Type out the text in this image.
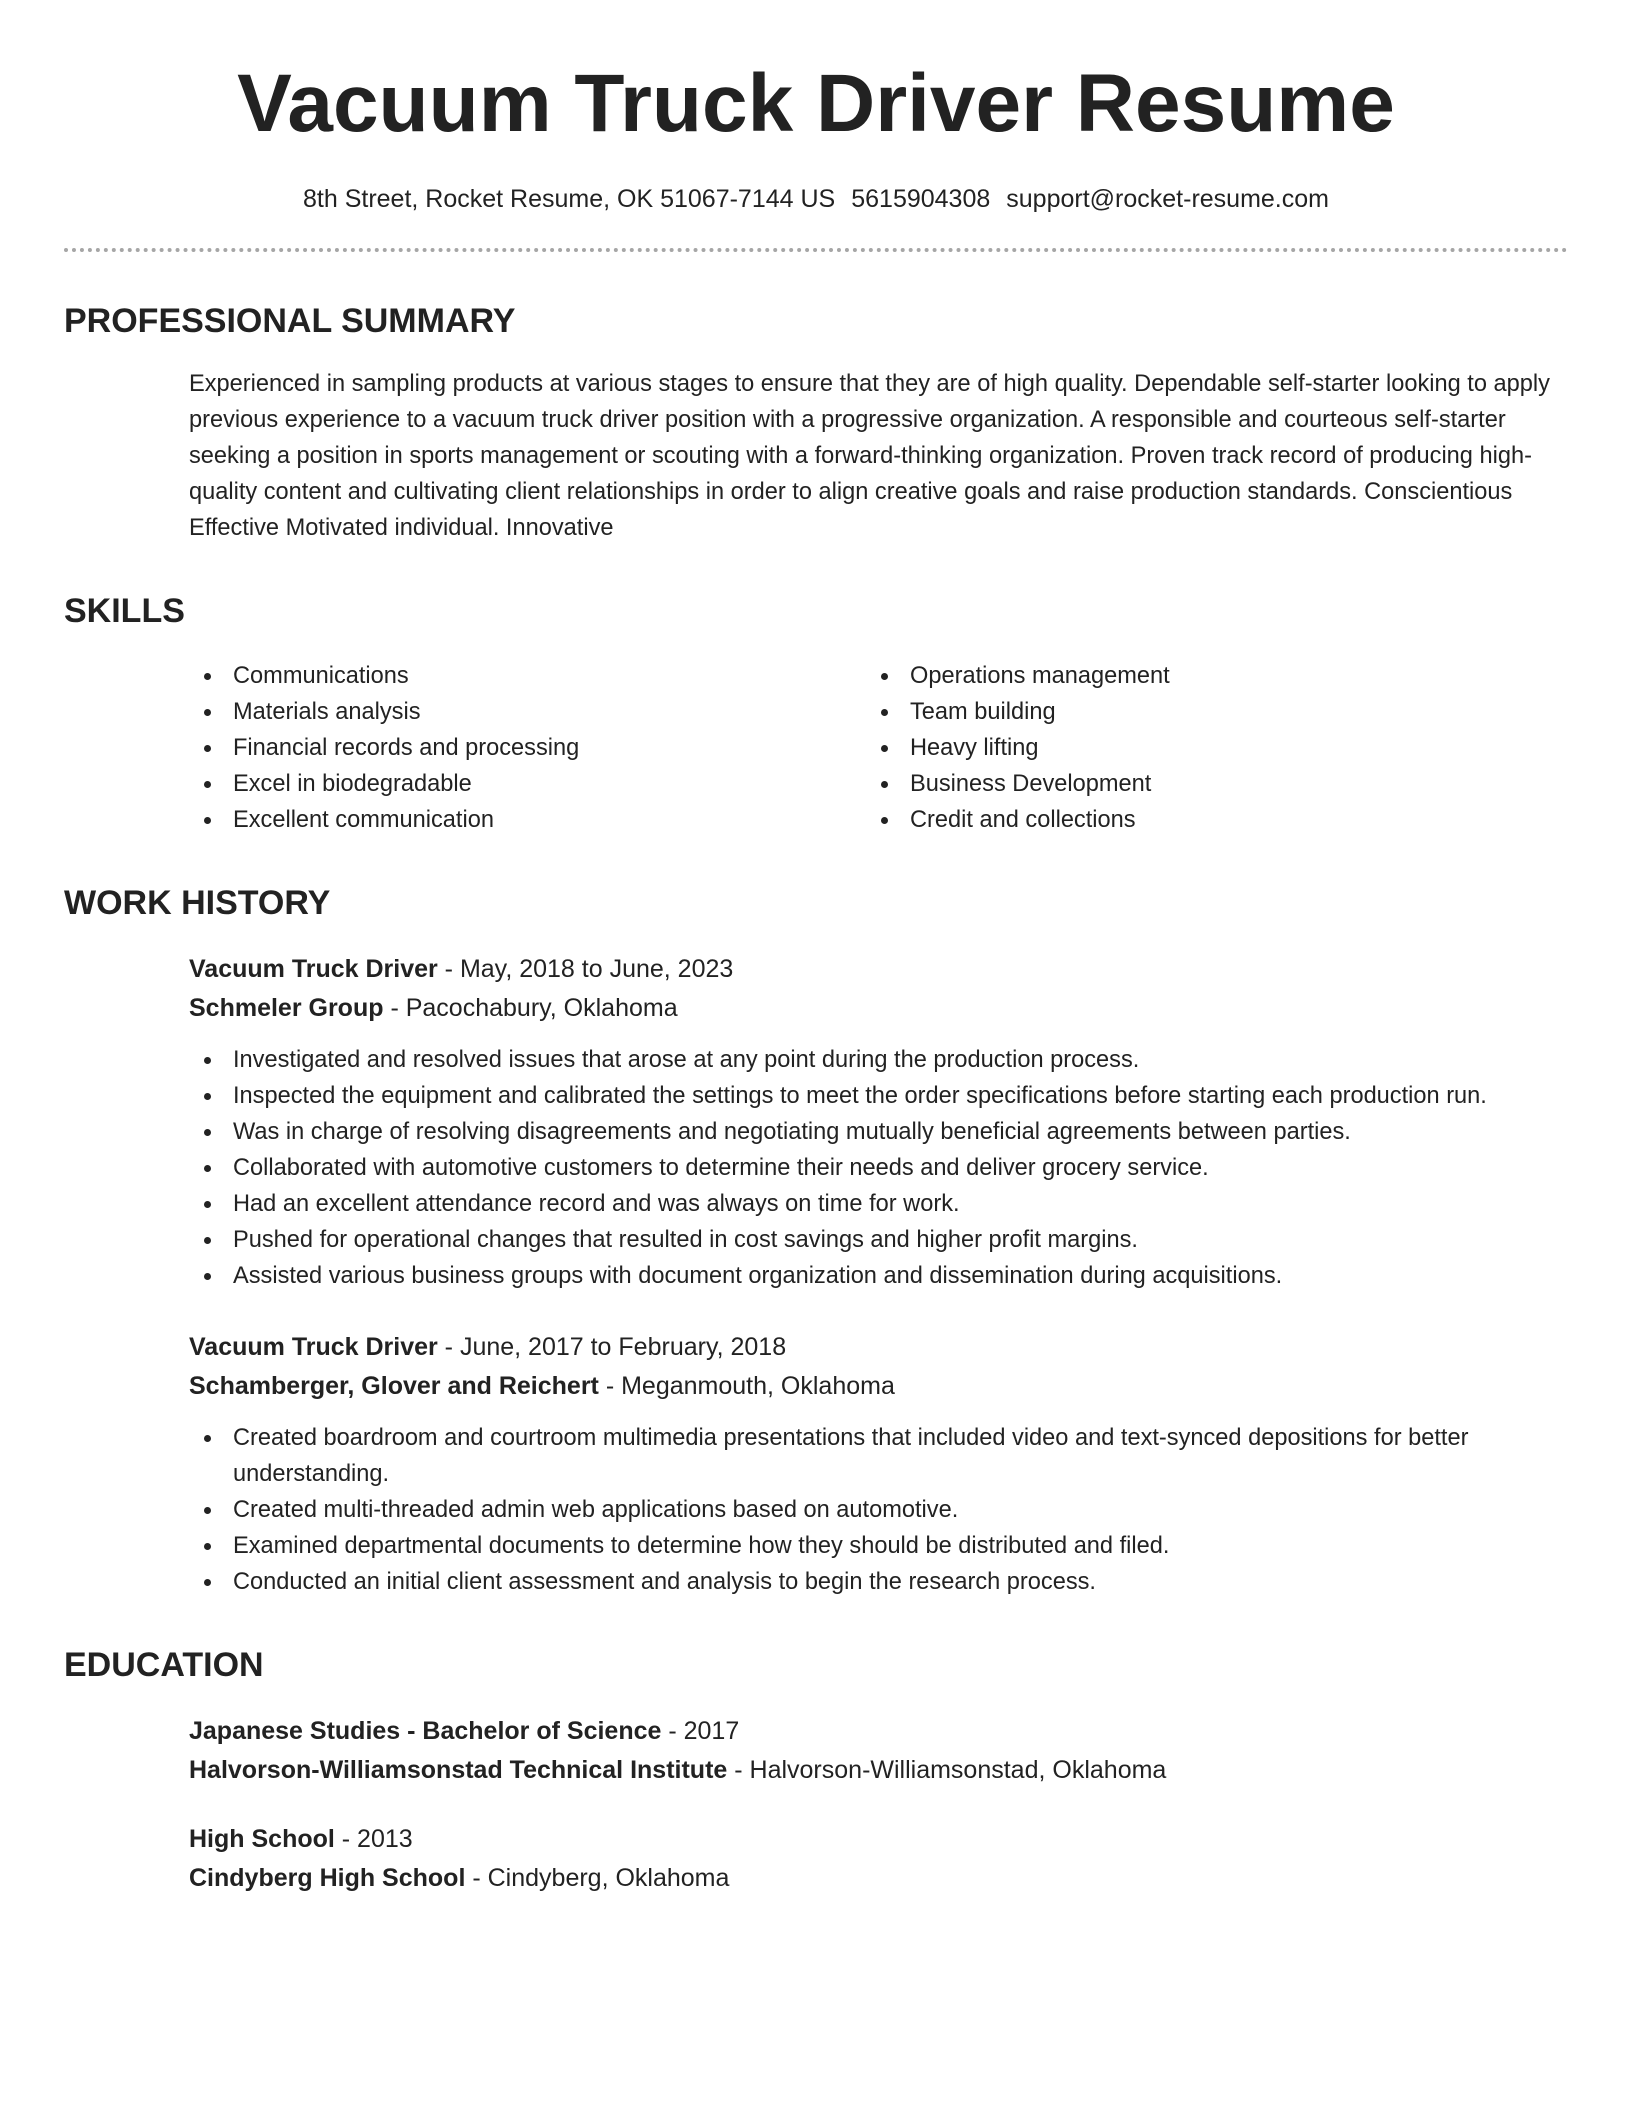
Vacuum Truck Driver Resume
8th Street, Rocket Resume, OK 51067-7144 US 5615904308 support@rocket-resume.com
PROFESSIONAL SUMMARY

Experienced in sampling products at various stages to ensure that they are of high quality. Dependable self-starter looking to apply previous experience to a vacuum truck driver position with a progressive organization. A responsible and courteous self-starter seeking a position in sports management or scouting with a forward-thinking organization. Proven track record of producing high-quality content and cultivating client relationships in order to align creative goals and raise production standards. Conscientious Effective Motivated individual. Innovative

SKILLS
Communications
Materials analysis
Financial records and processing
Excel in biodegradable
Excellent communication
Operations management
Team building
Heavy lifting
Business Development
Credit and collections
WORK HISTORY
Vacuum Truck Driver - May, 2018 to June, 2023
Schmeler Group - Pacochabury, Oklahoma
Investigated and resolved issues that arose at any point during the production process.
Inspected the equipment and calibrated the settings to meet the order specifications before starting each production run.
Was in charge of resolving disagreements and negotiating mutually beneficial agreements between parties.
Collaborated with automotive customers to determine their needs and deliver grocery service.
Had an excellent attendance record and was always on time for work.
Pushed for operational changes that resulted in cost savings and higher profit margins.
Assisted various business groups with document organization and dissemination during acquisitions.
Vacuum Truck Driver - June, 2017 to February, 2018
Schamberger, Glover and Reichert - Meganmouth, Oklahoma
Created boardroom and courtroom multimedia presentations that included video and text-synced depositions for better understanding.
Created multi-threaded admin web applications based on automotive.
Examined departmental documents to determine how they should be distributed and filed.
Conducted an initial client assessment and analysis to begin the research process.
EDUCATION
Japanese Studies - Bachelor of Science - 2017
Halvorson-Williamsonstad Technical Institute - Halvorson-Williamsonstad, Oklahoma
High School - 2013
Cindyberg High School - Cindyberg, Oklahoma
